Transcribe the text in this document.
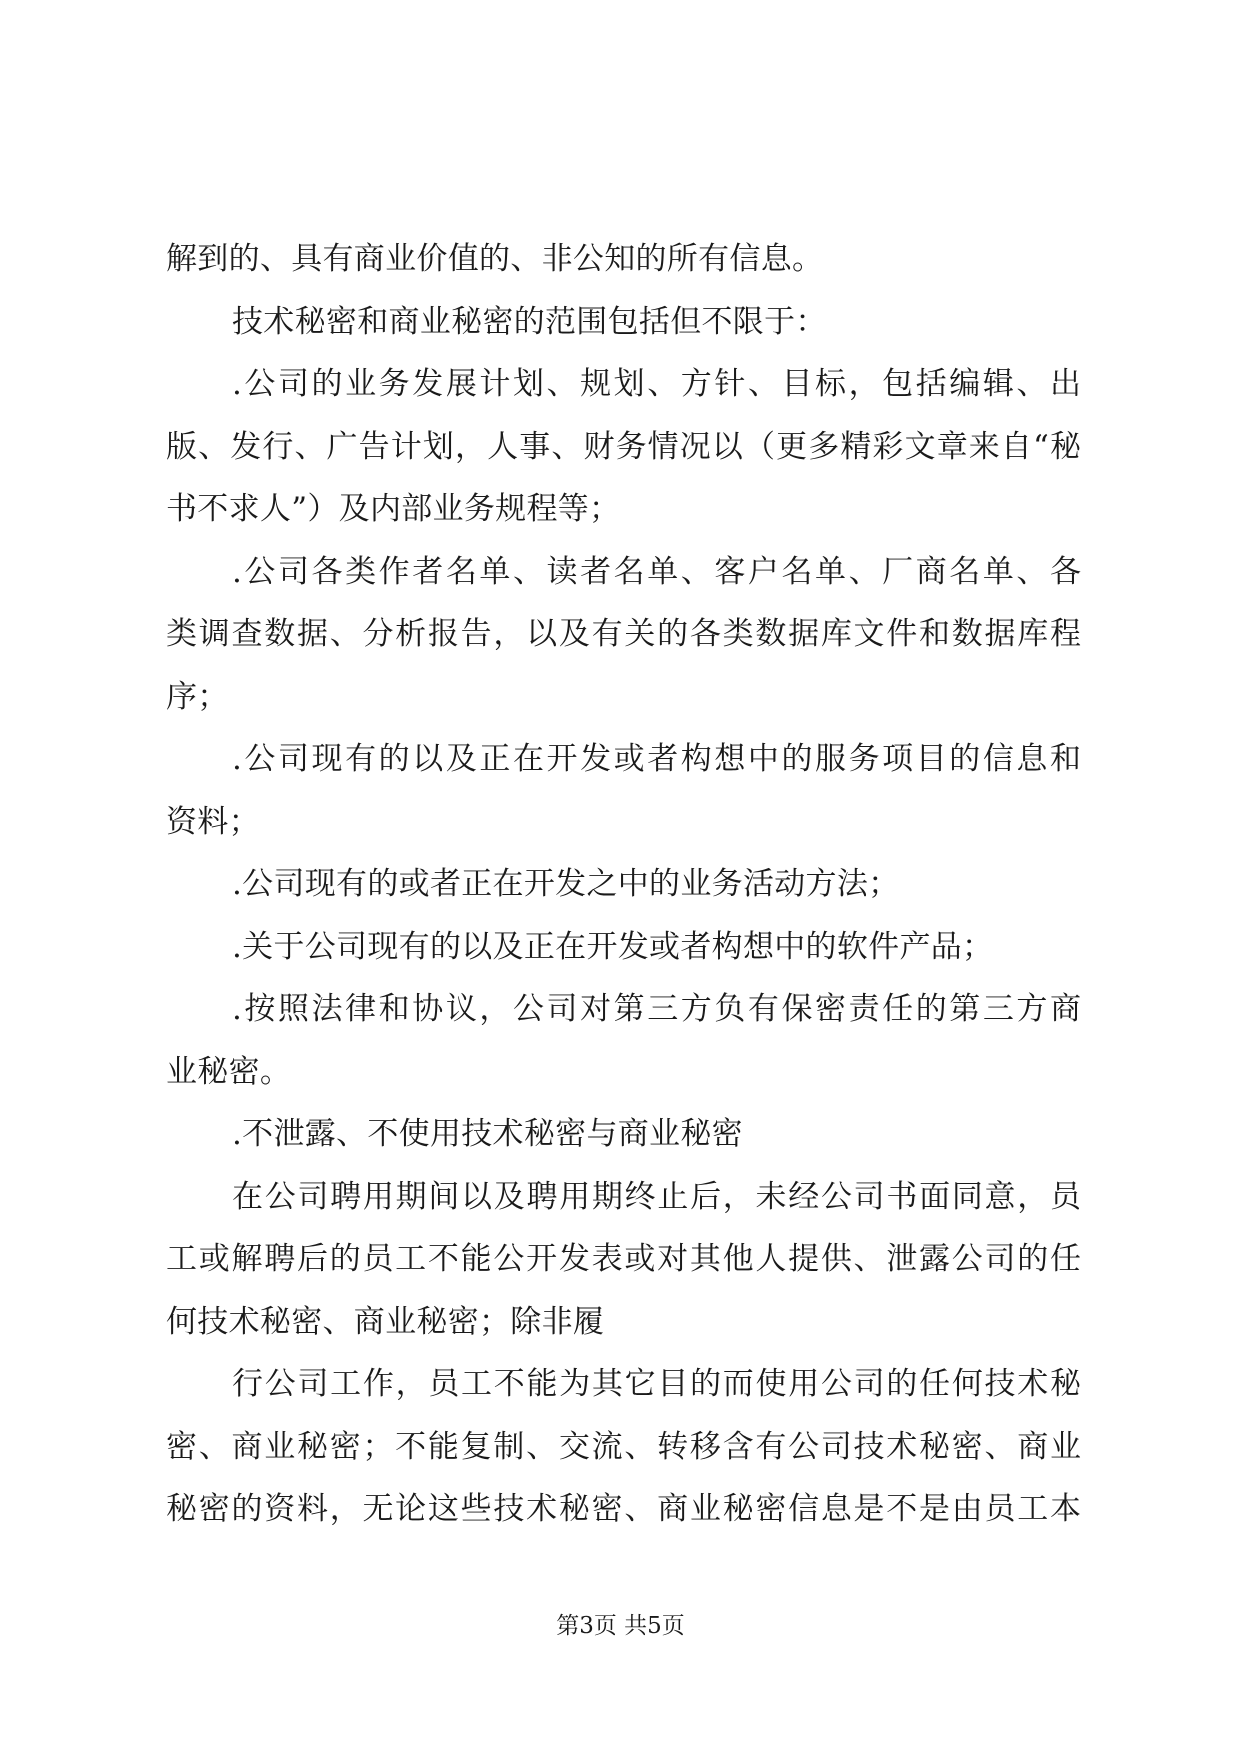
解到的、具有商业价值的、非公知的所有信息。
技术秘密和商业秘密的范围包括但不限于：
.公司的业务发展计划、规划、方针、目标，包括编辑、出
版、发行、广告计划，人事、财务情况以（更多精彩文章来自“秘
书不求人”）及内部业务规程等；
.公司各类作者名单、读者名单、客户名单、厂商名单、各
类调查数据、分析报告，以及有关的各类数据库文件和数据库程
序；
.公司现有的以及正在开发或者构想中的服务项目的信息和
资料；
.公司现有的或者正在开发之中的业务活动方法；
.关于公司现有的以及正在开发或者构想中的软件产品；
.按照法律和协议，公司对第三方负有保密责任的第三方商
业秘密。
.不泄露、不使用技术秘密与商业秘密
在公司聘用期间以及聘用期终止后，未经公司书面同意，员
工或解聘后的员工不能公开发表或对其他人提供、泄露公司的任
何技术秘密、商业秘密；除非履
行公司工作，员工不能为其它目的而使用公司的任何技术秘
密、商业秘密；不能复制、交流、转移含有公司技术秘密、商业
秘密的资料，无论这些技术秘密、商业秘密信息是不是由员工本
第3页 共5页
